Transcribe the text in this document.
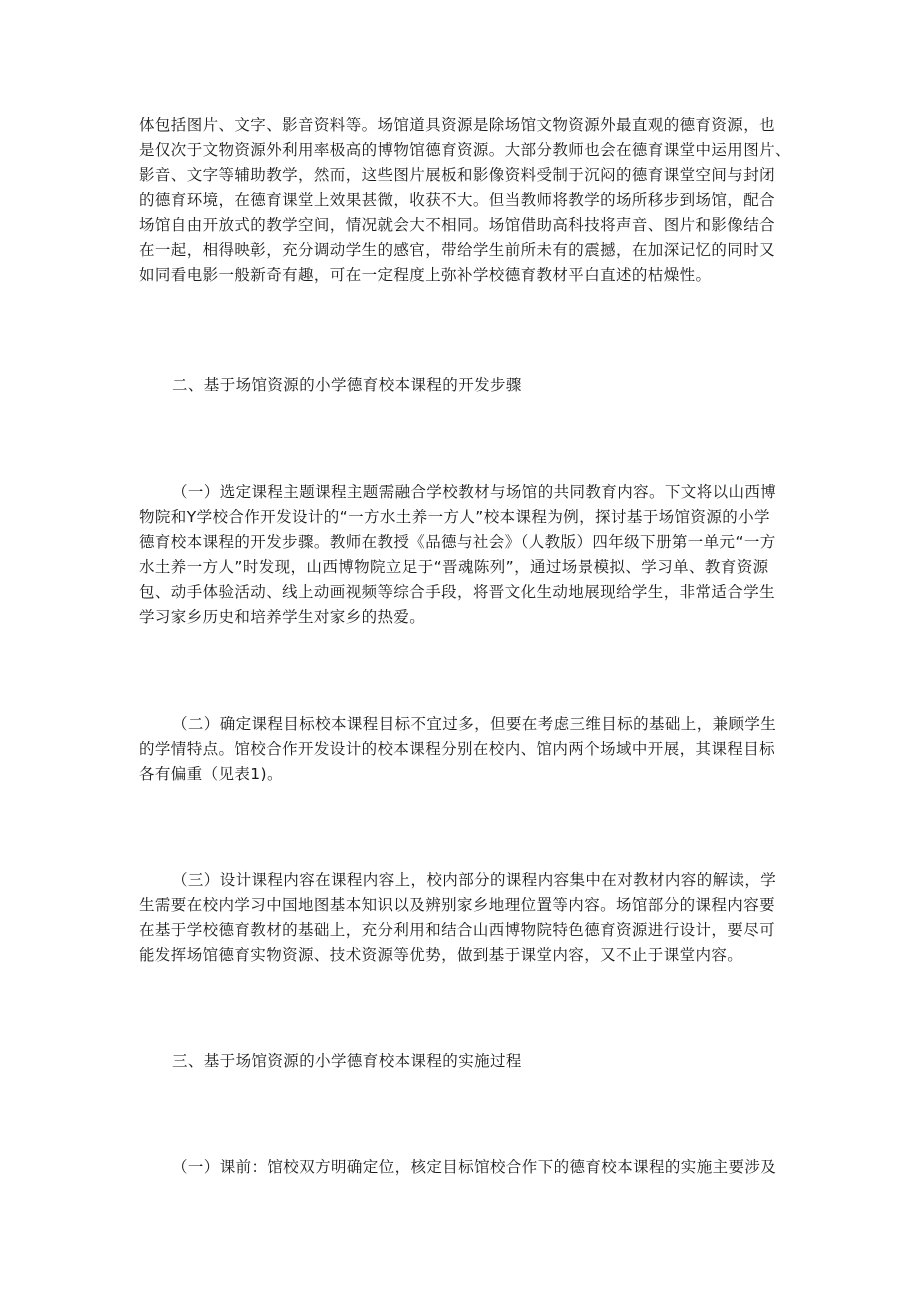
体包括图片、文字、影音资料等。场馆道具资源是除场馆文物资源外最直观的德育资源，也
是仅次于文物资源外利用率极高的博物馆德育资源。大部分教师也会在德育课堂中运用图片、
影音、文字等辅助教学，然而，这些图片展板和影像资料受制于沉闷的德育课堂空间与封闭
的德育环境，在德育课堂上效果甚微，收获不大。但当教师将教学的场所移步到场馆，配合
场馆自由开放式的教学空间，情况就会大不相同。场馆借助高科技将声音、图片和影像结合
在一起，相得映彰，充分调动学生的感官，带给学生前所未有的震撼，在加深记忆的同时又
如同看电影一般新奇有趣，可在一定程度上弥补学校德育教材平白直述的枯燥性。
二、基于场馆资源的小学德育校本课程的开发步骤
（一）选定课程主题课程主题需融合学校教材与场馆的共同教育内容。下文将以山西博
物院和Y学校合作开发设计的“一方水土养一方人”校本课程为例，探讨基于场馆资源的小学
德育校本课程的开发步骤。教师在教授《品德与社会》（人教版）四年级下册第一单元“一方
水土养一方人”时发现，山西博物院立足于“晋魂陈列”，通过场景模拟、学习单、教育资源
包、动手体验活动、线上动画视频等综合手段，将晋文化生动地展现给学生，非常适合学生
学习家乡历史和培养学生对家乡的热爱。
（二）确定课程目标校本课程目标不宜过多，但要在考虑三维目标的基础上，兼顾学生
的学情特点。馆校合作开发设计的校本课程分别在校内、馆内两个场域中开展，其课程目标
各有偏重（见表1)。
（三）设计课程内容在课程内容上，校内部分的课程内容集中在对教材内容的解读，学
生需要在校内学习中国地图基本知识以及辨别家乡地理位置等内容。场馆部分的课程内容要
在基于学校德育教材的基础上，充分利用和结合山西博物院特色德育资源进行设计，要尽可
能发挥场馆德育实物资源、技术资源等优势，做到基于课堂内容，又不止于课堂内容。
三、基于场馆资源的小学德育校本课程的实施过程
（一）课前：馆校双方明确定位，核定目标馆校合作下的德育校本课程的实施主要涉及
